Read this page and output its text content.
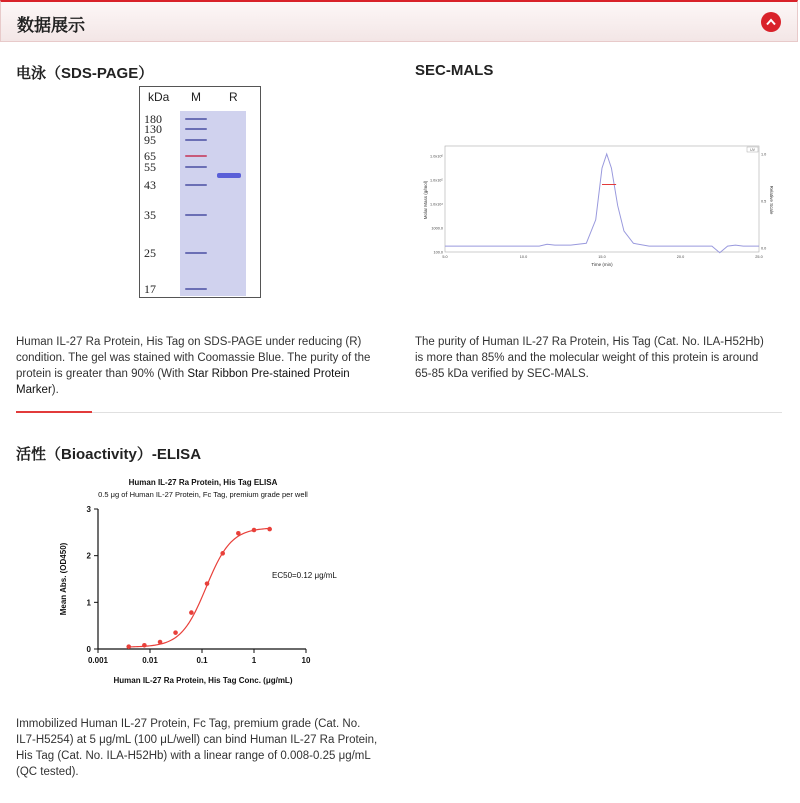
数据展示
电泳（SDS-PAGE）
kDa M R
180
130
95
65
55
43
35
25
17
Human IL-27 Ra Protein, His Tag on SDS-PAGE under reducing (R) condition. The gel was stained with Coomassie Blue. The purity of the protein is greater than 90% (With Star Ribbon Pre-stained Protein Marker).
SEC-MALS
Molar Mass (g/mol)	Relative Scale
Time (min)
UV
5.0	10.0	15.0	20.0	25.0
100.0
1000.0
1.0x10⁴
1.0x10⁵
1.0x10⁶
0.0
0.5
1.0
The purity of Human IL-27 Ra Protein, His Tag (Cat. No. ILA-H52Hb) is more than 85% and the molecular weight of this protein is around 65-85 kDa verified by SEC-MALS.
活性（Bioactivity）-ELISA
Human IL-27 Ra Protein, His Tag ELISA
0.5 μg of Human IL-27 Protein, Fc Tag, premium grade per well
Mean Abs. (OD450)
Human IL-27 Ra Protein, His Tag Conc. (μg/mL)
EC50=0.12 μg/mL
0
1
2
3
0.001	0.01	0.1	1	10
Immobilized Human IL-27 Protein, Fc Tag, premium grade (Cat. No. IL7-H5254) at 5 μg/mL (100 μL/well) can bind Human IL-27 Ra Protein, His Tag (Cat. No. ILA-H52Hb) with a linear range of 0.008-0.25 μg/mL (QC tested).
